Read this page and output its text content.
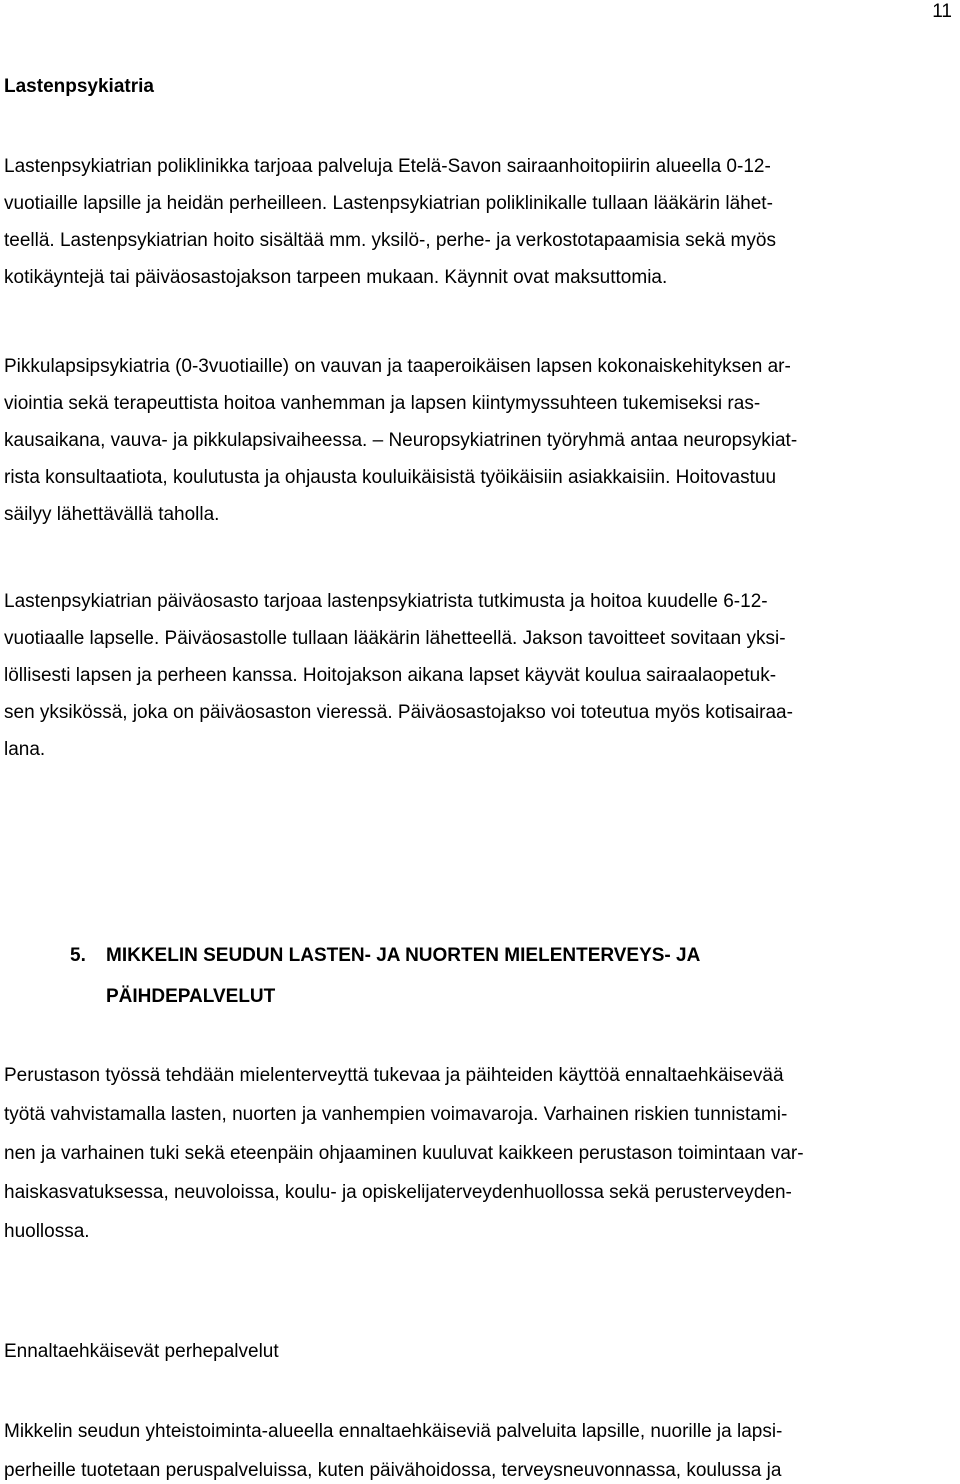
11
Lastenpsykiatria
Lastenpsykiatrian poliklinikka tarjoaa palveluja Etelä-Savon sairaanhoitopiirin alueella 0-12-
vuotiaille lapsille ja heidän perheilleen. Lastenpsykiatrian poliklinikalle tullaan lääkärin lähet-
teellä. Lastenpsykiatrian hoito sisältää mm. yksilö-, perhe- ja verkostotapaamisia sekä myös
kotikäyntejä tai päiväosastojakson tarpeen mukaan. Käynnit ovat maksuttomia.
Pikkulapsipsykiatria (0-3vuotiaille) on vauvan ja taaperoikäisen lapsen kokonaiskehityksen ar-
viointia sekä terapeuttista hoitoa vanhemman ja lapsen kiintymyssuhteen tukemiseksi ras-
kausaikana, vauva- ja pikkulapsivaiheessa. – Neuropsykiatrinen työryhmä antaa neuropsykiat-
rista konsultaatiota, koulutusta ja ohjausta kouluikäisistä työikäisiin asiakkaisiin. Hoitovastuu
säilyy lähettävällä taholla.
Lastenpsykiatrian päiväosasto tarjoaa lastenpsykiatrista tutkimusta ja hoitoa kuudelle 6-12-
vuotiaalle lapselle. Päiväosastolle tullaan lääkärin lähetteellä. Jakson tavoitteet sovitaan yksi-
löllisesti lapsen ja perheen kanssa. Hoitojakson aikana lapset käyvät koulua sairaalaopetuk-
sen yksikössä, joka on päiväosaston vieressä. Päiväosastojakso voi toteutua myös kotisairaa-
lana.
5. MIKKELIN SEUDUN LASTEN- JA NUORTEN MIELENTERVEYS- JA
PÄIHDEPALVELUT
Perustason työssä tehdään mielenterveyttä tukevaa ja päihteiden käyttöä ennaltaehkäisevää
työtä vahvistamalla lasten, nuorten ja vanhempien voimavaroja. Varhainen riskien tunnistami-
nen ja varhainen tuki sekä eteenpäin ohjaaminen kuuluvat kaikkeen perustason toimintaan var-
haiskasvatuksessa, neuvoloissa, koulu- ja opiskelijaterveydenhuollossa sekä perusterveyden-
huollossa.
Ennaltaehkäisevät perhepalvelut
Mikkelin seudun yhteistoiminta-alueella ennaltaehkäiseviä palveluita lapsille, nuorille ja lapsi-
perheille tuotetaan peruspalveluissa, kuten päivähoidossa, terveysneuvonnassa, koulussa ja
